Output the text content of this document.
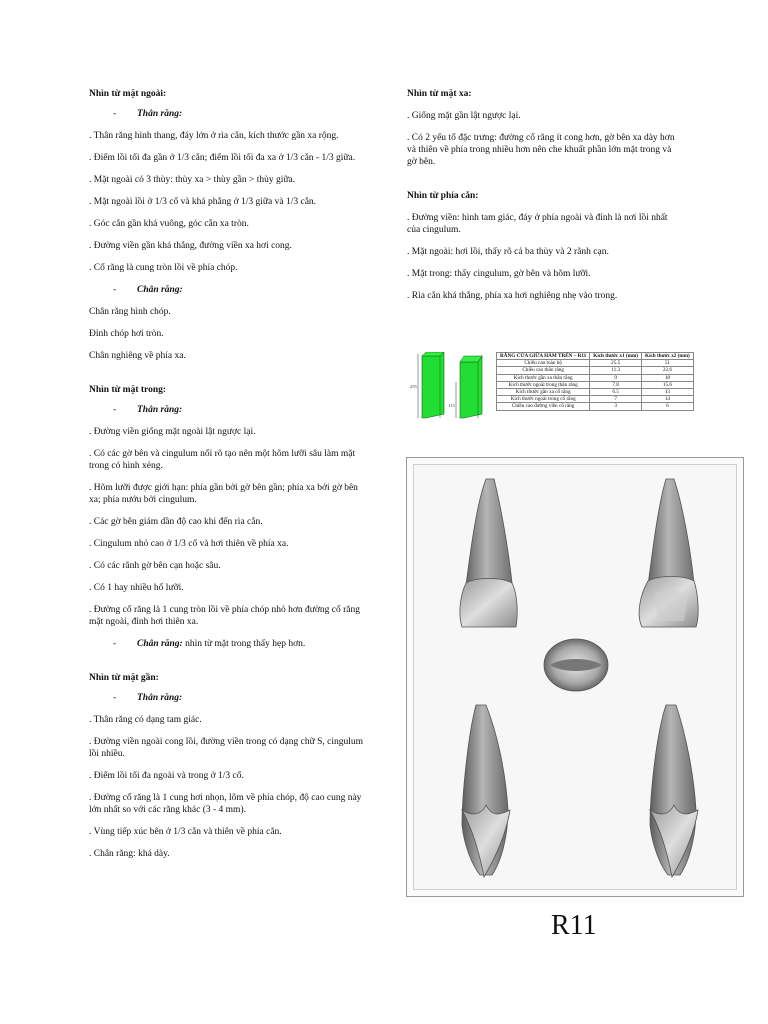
Nhìn từ mặt ngoài:

- Thân răng:

. Thân răng hình thang, đáy lớn ở rìa cắn, kích thước gần xa rộng.

. Điểm lồi tối đa gần ở 1/3 cắn; điểm lồi tối đa xa ở 1/3 cắn - 1/3 giữa.

. Mặt ngoài có 3 thùy: thùy xa > thùy gần > thùy giữa.

. Mặt ngoài lồi ở 1/3 cổ và khá phẳng ở 1/3 giữa và 1/3 cắn.

. Góc cắn gần khá vuông, góc cắn xa tròn.

. Đường viền gần khá thẳng, đường viền xa hơi cong.

. Cổ răng là cung tròn lồi về phía chóp.

- Chân răng:

Chân răng hình chóp.

Đỉnh chóp hơi tròn.

Chân nghiêng về phía xa.

Nhìn từ mặt trong:

- Thân răng:

. Đường viền giống mặt ngoài lật ngược lại.

. Có các gờ bên và cingulum nổi rõ tạo nên một hõm lưỡi sâu làm mặt trong có hình xẻng.

. Hõm lưỡi được giới hạn: phía gần bởi gờ bên gần; phía xa bởi gờ bên xa; phía nướu bởi cingulum.

. Các gờ bên giảm dần độ cao khi đến rìa cắn.

. Cingulum nhỏ cao ở 1/3 cổ và hơi thiên về phía xa.

. Có các rãnh gờ bên cạn hoặc sâu.

. Có 1 hay nhiều hố lưỡi.

. Đường cổ răng là 1 cung tròn lồi về phía chóp nhỏ hơn đường cổ răng mặt ngoài, đỉnh hơi thiên xa.

- Chân răng: nhìn từ mặt trong thấy hẹp hơn.

Nhìn từ mặt gần:

- Thân răng:

. Thân răng có dạng tam giác.

. Đường viền ngoài cong lồi, đường viền trong có dạng chữ S, cingulum lồi nhiều.

. Điểm lồi tối đa ngoài và trong ở 1/3 cổ.

. Đường cổ răng là 1 cung hơi nhọn, lõm về phía chóp, độ cao cung này lớn nhất so với các răng khác (3 - 4 mm).

. Vùng tiếp xúc bên ở 1/3 cắn và thiên về phía cắn.

. Chân răng: khá dày.

Nhìn từ mặt xa:

. Giống mặt gần lật ngược lại.

. Có 2 yếu tố đặc trưng: đường cổ răng ít cong hơn, gờ bên xa dày hơn và thiên về phía trong nhiều hơn nên che khuất phần lớn mặt trong và gờ bên.

Nhìn từ phía cắn:

. Đường viền: hình tam giác, đáy ở phía ngoài và đỉnh là nơi lồi nhất của cingulum.

. Mặt ngoài: hơi lồi, thấy rõ cả ba thùy và 2 rãnh cạn.

. Mặt trong: thấy cingulum, gờ bên và hõm lưỡi.

. Rìa cắn khá thẳng, phía xa hơi nghiêng nhẹ vào trong.

255
113
RĂNG CỬA GIỮA HÀM TRÊN – R11	Kích thước x1 (mm)	Kích thước x2 (mm)
Chiều cao toàn bộ	25.5	51
Chiều cao thân răng	11.3	22.6
Kích thước gần xa thân răng	9	18
Kích thước ngoài trong thân răng	7.8	15.6
Kích thước gần xa cổ răng	6.5	13
Kích thước ngoài trong cổ răng	7	14
Chiều cao đường viền cổ răng	3	6
R11
